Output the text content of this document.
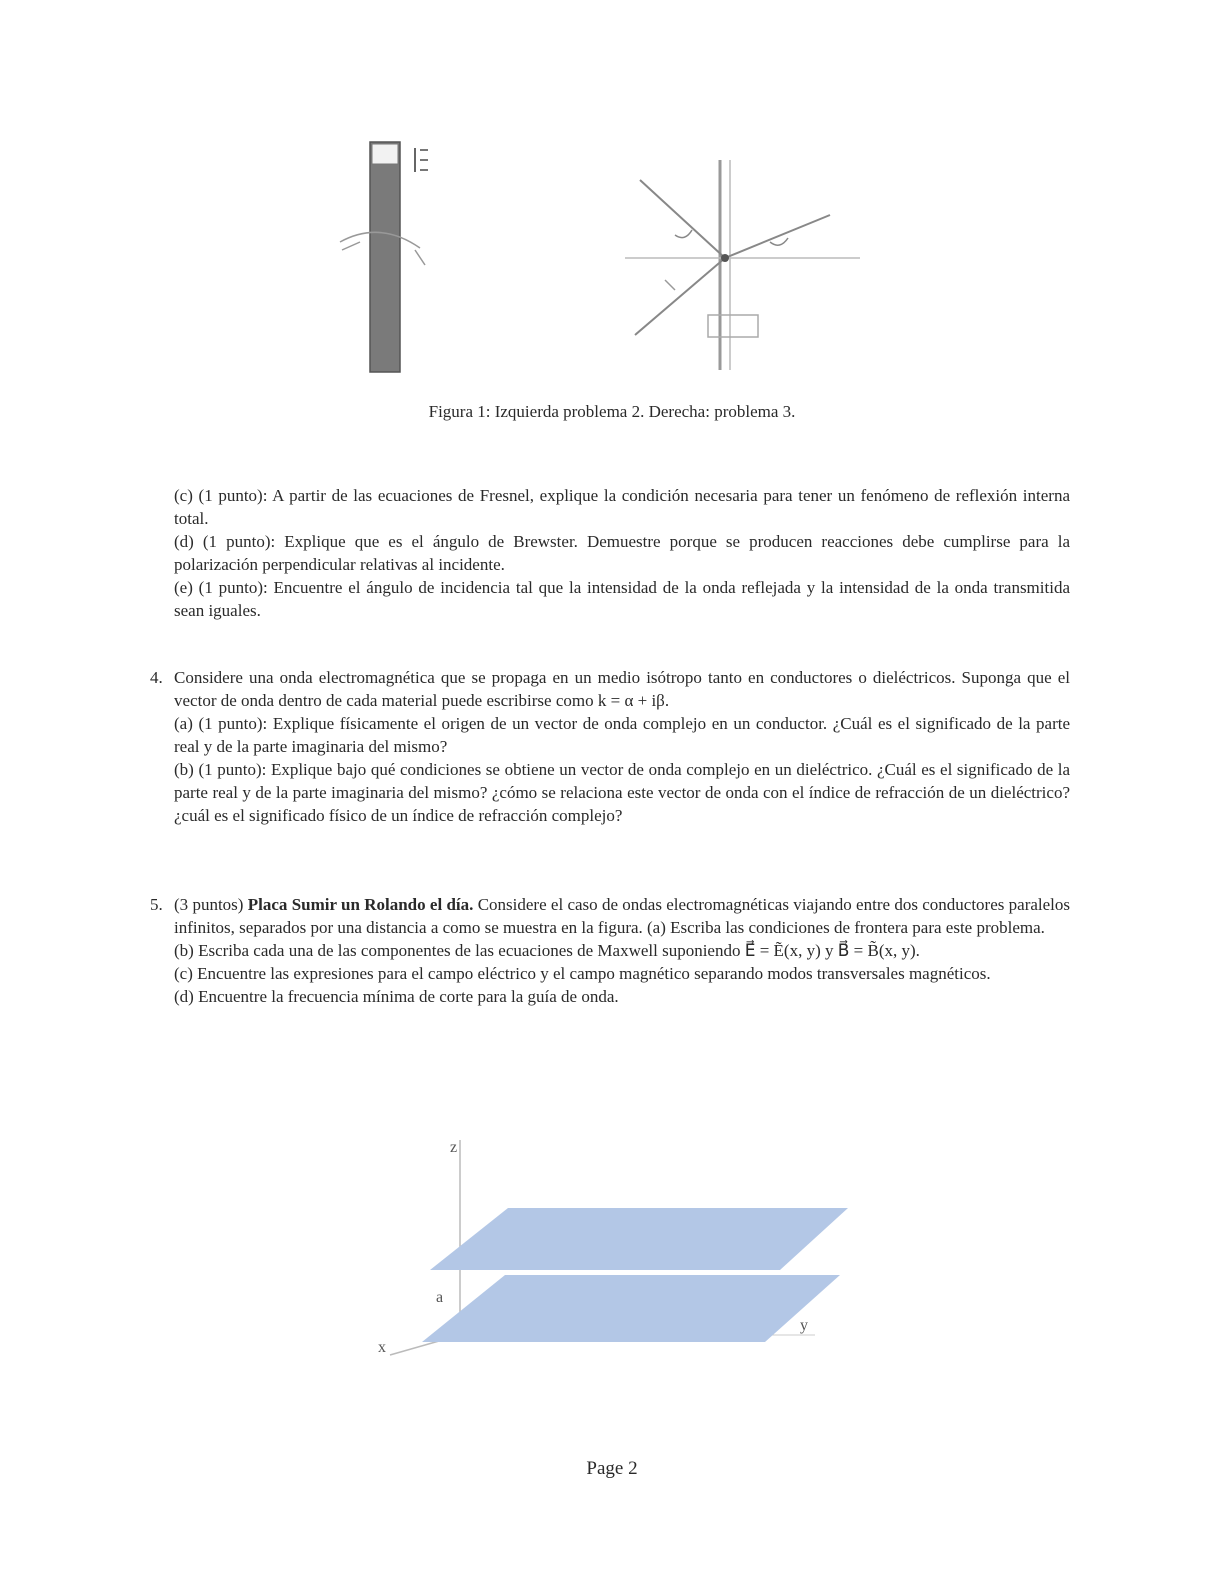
Figura 1: Izquierda problema 2. Derecha: problema 3.
(c) (1 punto): A partir de las ecuaciones de Fresnel, explique la condición necesaria para tener un fenómeno de reflexión interna total.
(d) (1 punto): Explique que es el ángulo de Brewster. Demuestre porque se producen reacciones debe cumplirse para la polarización perpendicular relativas al incidente.
(e) (1 punto): Encuentre el ángulo de incidencia tal que la intensidad de la onda reflejada y la intensidad de la onda transmitida sean iguales.
4. Considere una onda electromagnética que se propaga en un medio isótropo tanto en conductores o dieléctricos. Suponga que el vector de onda dentro de cada material puede escribirse como k = α + iβ.
(a) (1 punto): Explique físicamente el origen de un vector de onda complejo en un conductor. ¿Cuál es el significado de la parte real y de la parte imaginaria del mismo?
(b) (1 punto): Explique bajo qué condiciones se obtiene un vector de onda complejo en un dieléctrico. ¿Cuál es el significado de la parte real y de la parte imaginaria del mismo? ¿cómo se relaciona este vector de onda con el índice de refracción de un dieléctrico? ¿cuál es el significado físico de un índice de refracción complejo?
5. (3 puntos) Placa Sumir un Rolando el día. Considere el caso de ondas electromagnéticas viajando entre dos conductores paralelos infinitos, separados por una distancia a como se muestra en la figura. (a) Escriba las condiciones de frontera para este problema.
(b) Escriba cada una de las componentes de las ecuaciones de Maxwell suponiendo E⃗ = Ẽ(x, y) y B⃗ = B̃(x, y).
(c) Encuentre las expresiones para el campo eléctrico y el campo magnético separando modos transversales magnéticos.
(d) Encuentre la frecuencia mínima de corte para la guía de onda.
z
x
y
a
Page 2
